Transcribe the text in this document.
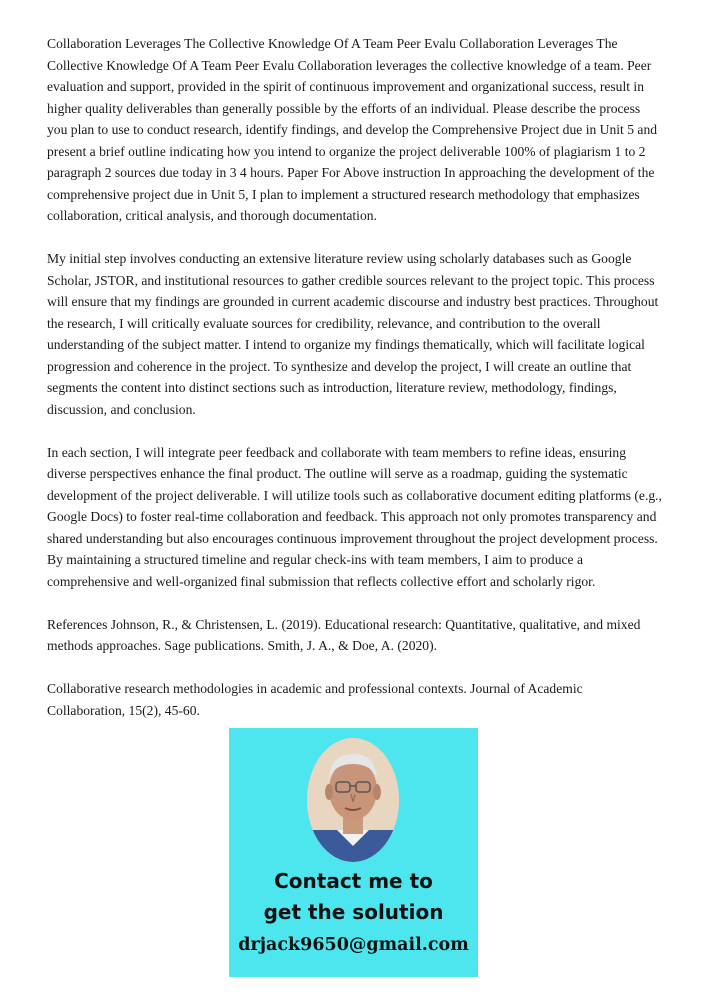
Collaboration Leverages The Collective Knowledge Of A Team Peer Evalu Collaboration Leverages The Collective Knowledge Of A Team Peer Evalu Collaboration leverages the collective knowledge of a team. Peer evaluation and support, provided in the spirit of continuous improvement and organizational success, result in higher quality deliverables than generally possible by the efforts of an individual. Please describe the process you plan to use to conduct research, identify findings, and develop the Comprehensive Project due in Unit 5 and present a brief outline indicating how you intend to organize the project deliverable 100% of plagiarism 1 to 2 paragraph 2 sources due today in 3 4 hours. Paper For Above instruction In approaching the development of the comprehensive project due in Unit 5, I plan to implement a structured research methodology that emphasizes collaboration, critical analysis, and thorough documentation.

My initial step involves conducting an extensive literature review using scholarly databases such as Google Scholar, JSTOR, and institutional resources to gather credible sources relevant to the project topic. This process will ensure that my findings are grounded in current academic discourse and industry best practices. Throughout the research, I will critically evaluate sources for credibility, relevance, and contribution to the overall understanding of the subject matter. I intend to organize my findings thematically, which will facilitate logical progression and coherence in the project. To synthesize and develop the project, I will create an outline that segments the content into distinct sections such as introduction, literature review, methodology, findings, discussion, and conclusion.

In each section, I will integrate peer feedback and collaborate with team members to refine ideas, ensuring diverse perspectives enhance the final product. The outline will serve as a roadmap, guiding the systematic development of the project deliverable. I will utilize tools such as collaborative document editing platforms (e.g., Google Docs) to foster real-time collaboration and feedback. This approach not only promotes transparency and shared understanding but also encourages continuous improvement throughout the project development process. By maintaining a structured timeline and regular check-ins with team members, I aim to produce a comprehensive and well-organized final submission that reflects collective effort and scholarly rigor.

References Johnson, R., & Christensen, L. (2019). Educational research: Quantitative, qualitative, and mixed methods approaches. Sage publications. Smith, J. A., & Doe, A. (2020).

Collaborative research methodologies in academic and professional contexts. Journal of Academic Collaboration, 15(2), 45-60.

Contact me to
get the solution
drjack9650@gmail.com
